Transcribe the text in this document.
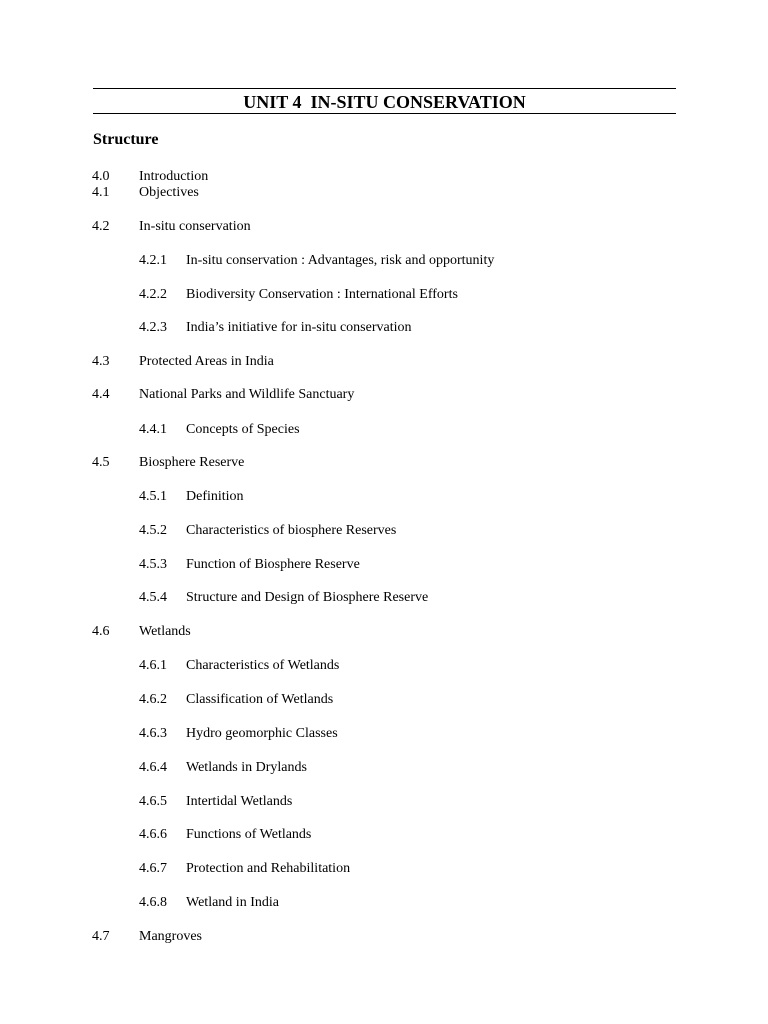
UNIT 4  IN-SITU CONSERVATION
Structure
4.0 Introduction
4.1 Objectives
4.2 In-situ conservation
4.2.1 In-situ conservation : Advantages, risk and opportunity
4.2.2 Biodiversity Conservation : International Efforts
4.2.3 India’s initiative for in-situ conservation
4.3 Protected Areas in India
4.4 National Parks and Wildlife Sanctuary
4.4.1 Concepts of Species
4.5 Biosphere Reserve
4.5.1 Definition
4.5.2 Characteristics of biosphere Reserves
4.5.3 Function of Biosphere Reserve
4.5.4 Structure and Design of Biosphere Reserve
4.6 Wetlands
4.6.1 Characteristics of Wetlands
4.6.2 Classification of Wetlands
4.6.3 Hydro geomorphic Classes
4.6.4 Wetlands in Drylands
4.6.5 Intertidal Wetlands
4.6.6 Functions of Wetlands
4.6.7 Protection and Rehabilitation
4.6.8 Wetland in India
4.7 Mangroves
